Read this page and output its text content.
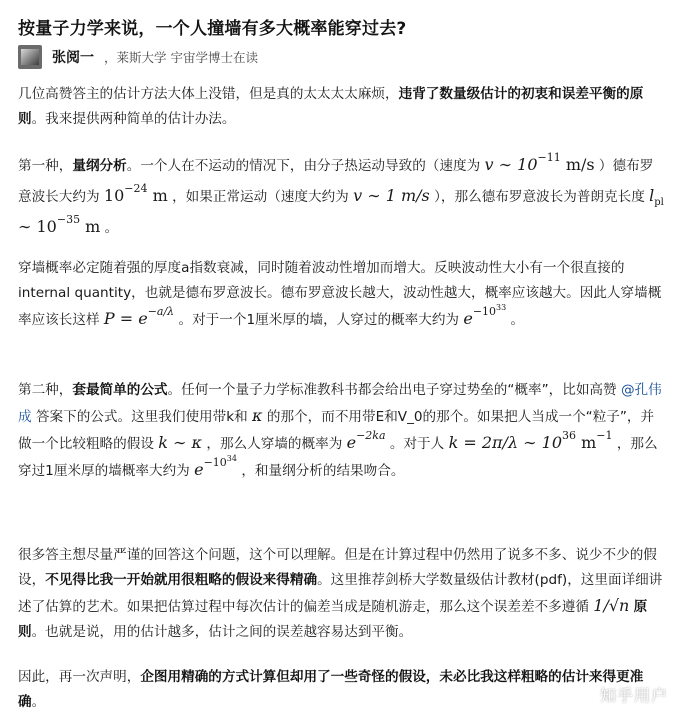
按量子力学来说，一个人撞墙有多大概率能穿过去?
张阅一 ，莱斯大学 宇宙学博士在读
几位高赞答主的估计方法大体上没错，但是真的太太太太麻烦，违背了数量级估计的初衷和误差平衡的原则。我来提供两种简单的估计办法。
第一种，量纲分析。一个人在不运动的情况下，由分子热运动导致的（速度为 v ∼ $10^{-11}$ m/s ）德布罗意波长大约为 $10^{-24}$ m ，如果正常运动（速度大约为 v ∼ 1 m/s ），那么德布罗意波长为普朗克长度 $l_{pl}$ ∼ $10^{-35}$ m 。
穿墙概率必定随着强的厚度a指数衰减，同时随着波动性增加而增大。反映波动性大小有一个很直接的internal quantity，也就是德布罗意波长。德布罗意波长越大，波动性越大，概率应该越大。因此人穿墙概率应该长这样 $P = e^{-a/\lambda}$ 。对于一个1厘米厚的墙，人穿过的概率大约为 $e^{-10^{33}}$ 。
第二种，套最简单的公式。任何一个量子力学标准教科书都会给出电子穿过势垒的“概率”，比如高赞 @孔伟成 答案下的公式。这里我们使用带k和 κ 的那个，而不用带E和V_0的那个。如果把人当成一个“粒子”，并做一个比较粗略的假设 k ∼ κ ，那么人穿墙的概率为 $e^{-2ka}$ 。对于人 k = 2π/λ ∼ $10^{36}$ $m^{-1}$ ，那么穿过1厘米厚的墙概率大约为 $e^{-10^{34}}$ ，和量纲分析的结果吻合。
很多答主想尽量严谨的回答这个问题，这个可以理解。但是在计算过程中仍然用了说多不多、说少不少的假设，不见得比我一开始就用很粗略的假设来得精确。这里推荐剑桥大学数量级估计教材(pdf)，这里面详细讲述了估算的艺术。如果把估算过程中每次估计的偏差当成是随机游走，那么这个误差差不多遵循 1/√n 原则。也就是说，用的估计越多，估计之间的误差越容易达到平衡。
因此，再一次声明，企图用精确的方式计算但却用了一些奇怪的假设，未必比我这样粗略的估计来得更准确。	知乎用户
